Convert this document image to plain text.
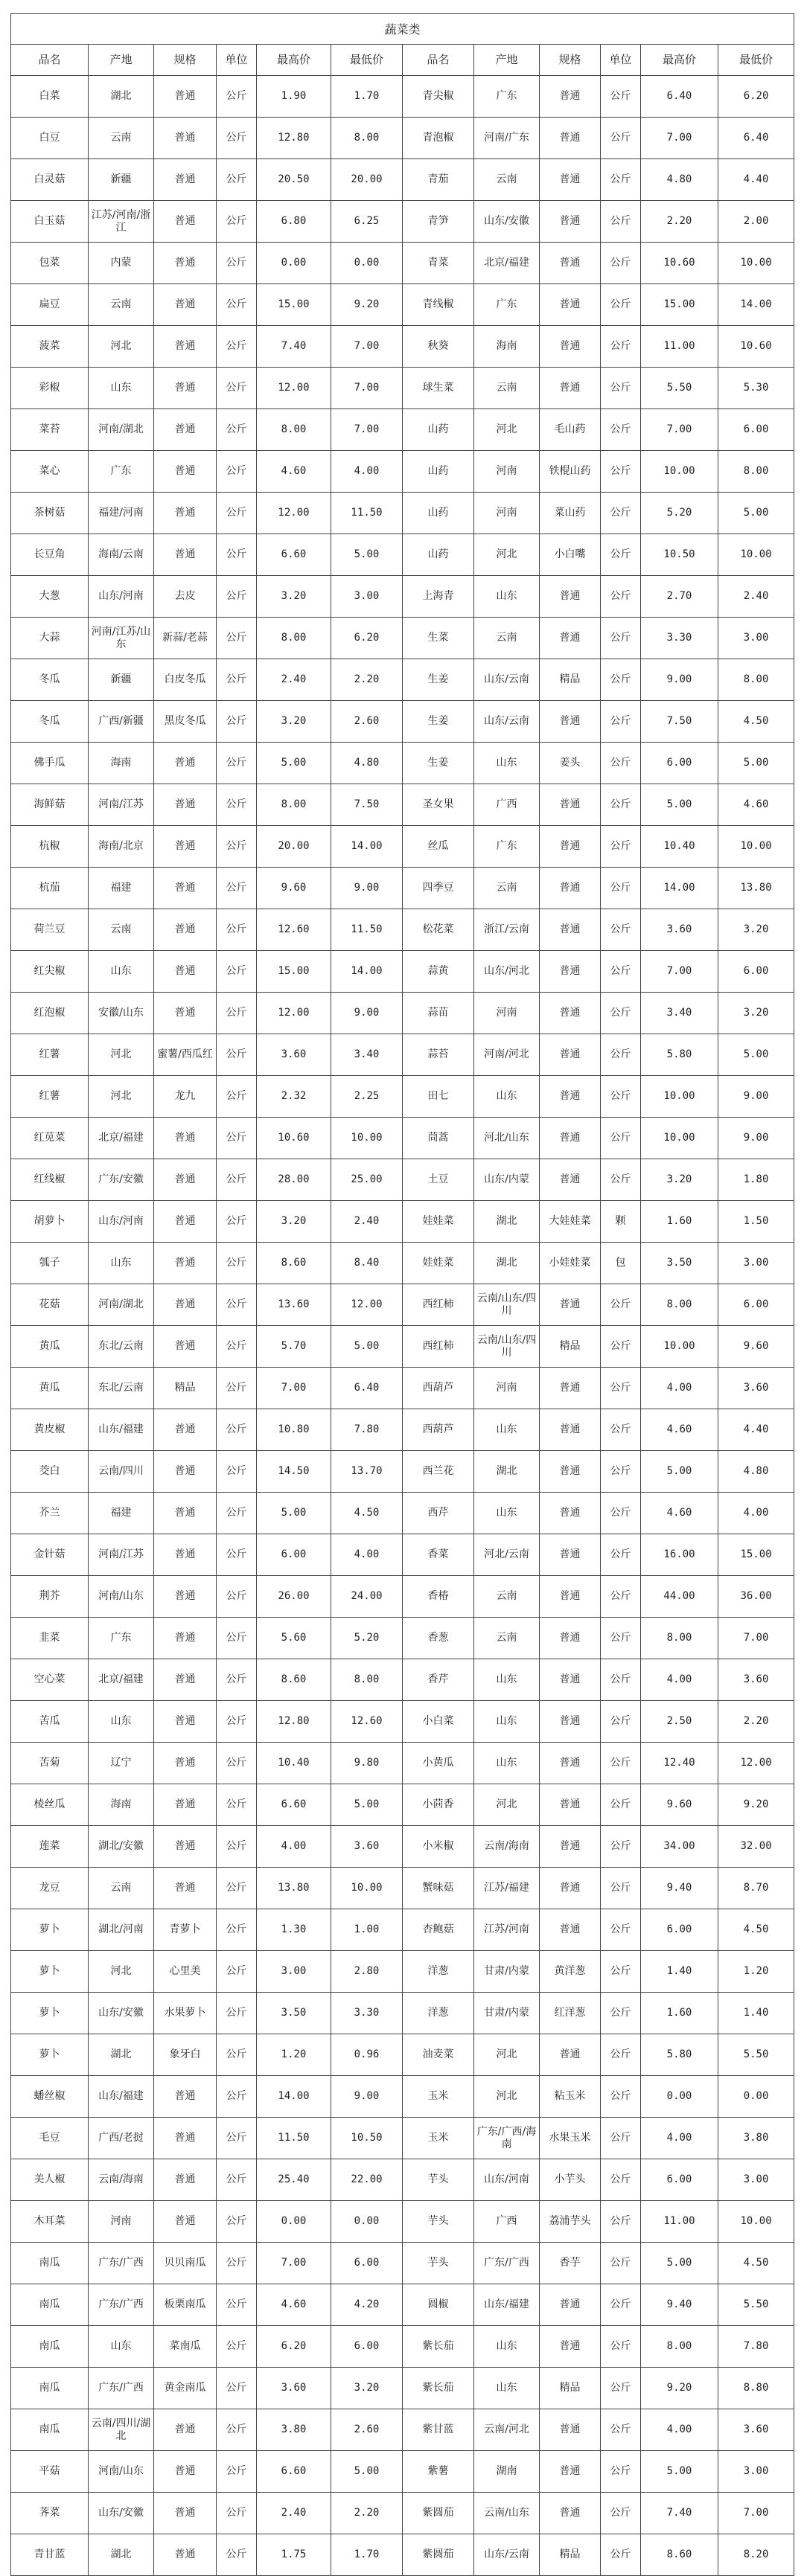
蔬菜类											
品名	产地	规格	单位	最高价	最低价	品名	产地	规格	单位	最高价	最低价
白菜	湖北	普通	公斤	1.90	1.70	青尖椒	广东	普通	公斤	6.40	6.20
白豆	云南	普通	公斤	12.80	8.00	青泡椒	河南/广东	普通	公斤	7.00	6.40
白灵菇	新疆	普通	公斤	20.50	20.00	青茄	云南	普通	公斤	4.80	4.40
白玉菇	江苏/河南/浙江	普通	公斤	6.80	6.25	青笋	山东/安徽	普通	公斤	2.20	2.00
包菜	内蒙	普通	公斤	0.00	0.00	青菜	北京/福建	普通	公斤	10.60	10.00
扁豆	云南	普通	公斤	15.00	9.20	青线椒	广东	普通	公斤	15.00	14.00
菠菜	河北	普通	公斤	7.40	7.00	秋葵	海南	普通	公斤	11.00	10.60
彩椒	山东	普通	公斤	12.00	7.00	球生菜	云南	普通	公斤	5.50	5.30
菜苔	河南/湖北	普通	公斤	8.00	7.00	山药	河北	毛山药	公斤	7.00	6.00
菜心	广东	普通	公斤	4.60	4.00	山药	河南	铁棍山药	公斤	10.00	8.00
茶树菇	福建/河南	普通	公斤	12.00	11.50	山药	河南	菜山药	公斤	5.20	5.00
长豆角	海南/云南	普通	公斤	6.60	5.00	山药	河北	小白嘴	公斤	10.50	10.00
大葱	山东/河南	去皮	公斤	3.20	3.00	上海青	山东	普通	公斤	2.70	2.40
大蒜	河南/江苏/山东	新蒜/老蒜	公斤	8.00	6.20	生菜	云南	普通	公斤	3.30	3.00
冬瓜	新疆	白皮冬瓜	公斤	2.40	2.20	生姜	山东/云南	精品	公斤	9.00	8.00
冬瓜	广西/新疆	黑皮冬瓜	公斤	3.20	2.60	生姜	山东/云南	普通	公斤	7.50	4.50
佛手瓜	海南	普通	公斤	5.00	4.80	生姜	山东	姜头	公斤	6.00	5.00
海鲜菇	河南/江苏	普通	公斤	8.00	7.50	圣女果	广西	普通	公斤	5.00	4.60
杭椒	海南/北京	普通	公斤	20.00	14.00	丝瓜	广东	普通	公斤	10.40	10.00
杭茄	福建	普通	公斤	9.60	9.00	四季豆	云南	普通	公斤	14.00	13.80
荷兰豆	云南	普通	公斤	12.60	11.50	松花菜	浙江/云南	普通	公斤	3.60	3.20
红尖椒	山东	普通	公斤	15.00	14.00	蒜黄	山东/河北	普通	公斤	7.00	6.00
红泡椒	安徽/山东	普通	公斤	12.00	9.00	蒜苗	河南	普通	公斤	3.40	3.20
红薯	河北	蜜薯/西瓜红	公斤	3.60	3.40	蒜苔	河南/河北	普通	公斤	5.80	5.00
红薯	河北	龙九	公斤	2.32	2.25	田七	山东	普通	公斤	10.00	9.00
红苋菜	北京/福建	普通	公斤	10.60	10.00	茼蒿	河北/山东	普通	公斤	10.00	9.00
红线椒	广东/安徽	普通	公斤	28.00	25.00	土豆	山东/内蒙	普通	公斤	3.20	1.80
胡萝卜	山东/河南	普通	公斤	3.20	2.40	娃娃菜	湖北	大娃娃菜	颗	1.60	1.50
瓠子	山东	普通	公斤	8.60	8.40	娃娃菜	湖北	小娃娃菜	包	3.50	3.00
花菇	河南/湖北	普通	公斤	13.60	12.00	西红柿	云南/山东/四川	普通	公斤	8.00	6.00
黄瓜	东北/云南	普通	公斤	5.70	5.00	西红柿	云南/山东/四川	精品	公斤	10.00	9.60
黄瓜	东北/云南	精品	公斤	7.00	6.40	西葫芦	河南	普通	公斤	4.00	3.60
黄皮椒	山东/福建	普通	公斤	10.80	7.80	西葫芦	山东	普通	公斤	4.60	4.40
茭白	云南/四川	普通	公斤	14.50	13.70	西兰花	湖北	普通	公斤	5.00	4.80
芥兰	福建	普通	公斤	5.00	4.50	西芹	山东	普通	公斤	4.60	4.00
金针菇	河南/江苏	普通	公斤	6.00	4.00	香菜	河北/云南	普通	公斤	16.00	15.00
荆芥	河南/山东	普通	公斤	26.00	24.00	香椿	云南	普通	公斤	44.00	36.00
韭菜	广东	普通	公斤	5.60	5.20	香葱	云南	普通	公斤	8.00	7.00
空心菜	北京/福建	普通	公斤	8.60	8.00	香芹	山东	普通	公斤	4.00	3.60
苦瓜	山东	普通	公斤	12.80	12.60	小白菜	山东	普通	公斤	2.50	2.20
苦菊	辽宁	普通	公斤	10.40	9.80	小黄瓜	山东	普通	公斤	12.40	12.00
棱丝瓜	海南	普通	公斤	6.60	5.00	小茴香	河北	普通	公斤	9.60	9.20
莲菜	湖北/安徽	普通	公斤	4.00	3.60	小米椒	云南/海南	普通	公斤	34.00	32.00
龙豆	云南	普通	公斤	13.80	10.00	蟹味菇	江苏/福建	普通	公斤	9.40	8.70
萝卜	湖北/河南	青萝卜	公斤	1.30	1.00	杏鲍菇	江苏/河南	普通	公斤	6.00	4.50
萝卜	河北	心里美	公斤	3.00	2.80	洋葱	甘肃/内蒙	黄洋葱	公斤	1.40	1.20
萝卜	山东/安徽	水果萝卜	公斤	3.50	3.30	洋葱	甘肃/内蒙	红洋葱	公斤	1.60	1.40
萝卜	湖北	象牙白	公斤	1.20	0.96	油麦菜	河北	普通	公斤	5.80	5.50
蟠丝椒	山东/福建	普通	公斤	14.00	9.00	玉米	河北	粘玉米	公斤	0.00	0.00
毛豆	广西/老挝	普通	公斤	11.50	10.50	玉米	广东/广西/海南	水果玉米	公斤	4.00	3.80
美人椒	云南/海南	普通	公斤	25.40	22.00	芋头	山东/河南	小芋头	公斤	6.00	3.00
木耳菜	河南	普通	公斤	0.00	0.00	芋头	广西	荔浦芋头	公斤	11.00	10.00
南瓜	广东/广西	贝贝南瓜	公斤	7.00	6.00	芋头	广东/广西	香芋	公斤	5.00	4.50
南瓜	广东/广西	板栗南瓜	公斤	4.60	4.20	圆椒	山东/福建	普通	公斤	9.40	5.50
南瓜	山东	菜南瓜	公斤	6.20	6.00	紫长茄	山东	普通	公斤	8.00	7.80
南瓜	广东/广西	黄金南瓜	公斤	3.60	3.20	紫长茄	山东	精品	公斤	9.20	8.80
南瓜	云南/四川/湖北	普通	公斤	3.80	2.60	紫甘蓝	云南/河北	普通	公斤	4.00	3.60
平菇	河南/山东	普通	公斤	6.60	5.00	紫薯	湖南	普通	公斤	5.00	3.00
荠菜	山东/安徽	普通	公斤	2.40	2.20	紫圆茄	云南/山东	普通	公斤	7.40	7.00
青甘蓝	湖北	普通	公斤	1.75	1.70	紫圆茄	山东/云南	精品	公斤	8.60	8.20
